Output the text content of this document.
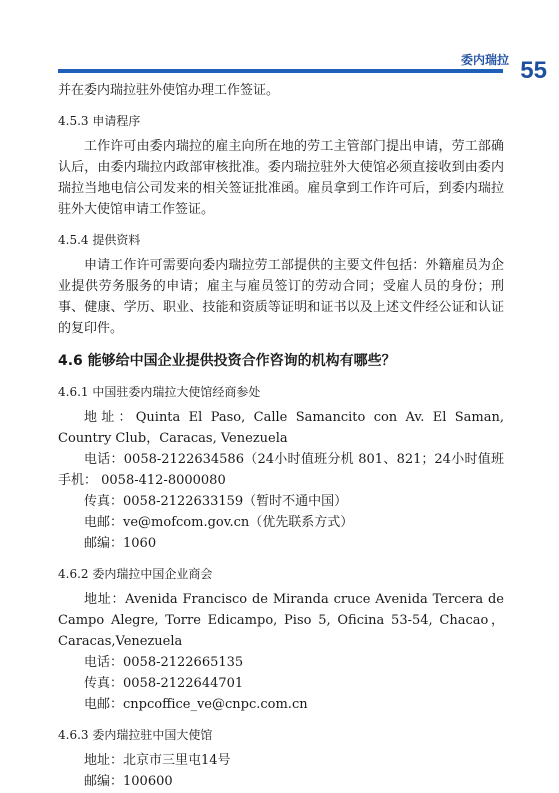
委内瑞拉 55

并在委内瑞拉驻外使馆办理工作签证。

4.5.3 申请程序

工作许可由委内瑞拉的雇主向所在地的劳工主管部门提出申请，劳工部确认后，由委内瑞拉内政部审核批准。委内瑞拉驻外大使馆必须直接收到由委内瑞拉当地电信公司发来的相关签证批准函。雇员拿到工作许可后，到委内瑞拉驻外大使馆申请工作签证。

4.5.4 提供资料

申请工作许可需要向委内瑞拉劳工部提供的主要文件包括：外籍雇员为企业提供劳务服务的申请；雇主与雇员签订的劳动合同；受雇人员的身份；刑事、健康、学历、职业、技能和资质等证明和证书以及上述文件经公证和认证的复印件。

4.6 能够给中国企业提供投资合作咨询的机构有哪些？

4.6.1 中国驻委内瑞拉大使馆经商参处

地址：Quinta El Paso, Calle Samancito con Av. El Saman, Country Club，Caracas, Venezuela

电话：0058-2122634586（24小时值班分机 801、821；24小时值班手机： 0058-412-8000080

传真：0058-2122633159（暂时不通中国）

电邮：ve@mofcom.gov.cn（优先联系方式）

邮编：1060

4.6.2 委内瑞拉中国企业商会

地址：Avenida Francisco de Miranda cruce Avenida Tercera de Campo Alegre, Torre Edicampo, Piso 5, Oficina 53-54, Chacao，Caracas,Venezuela

电话：0058-2122665135

传真：0058-2122644701

电邮：cnpcoffice_ve@cnpc.com.cn

4.6.3 委内瑞拉驻中国大使馆

地址：北京市三里屯14号

邮编：100600
